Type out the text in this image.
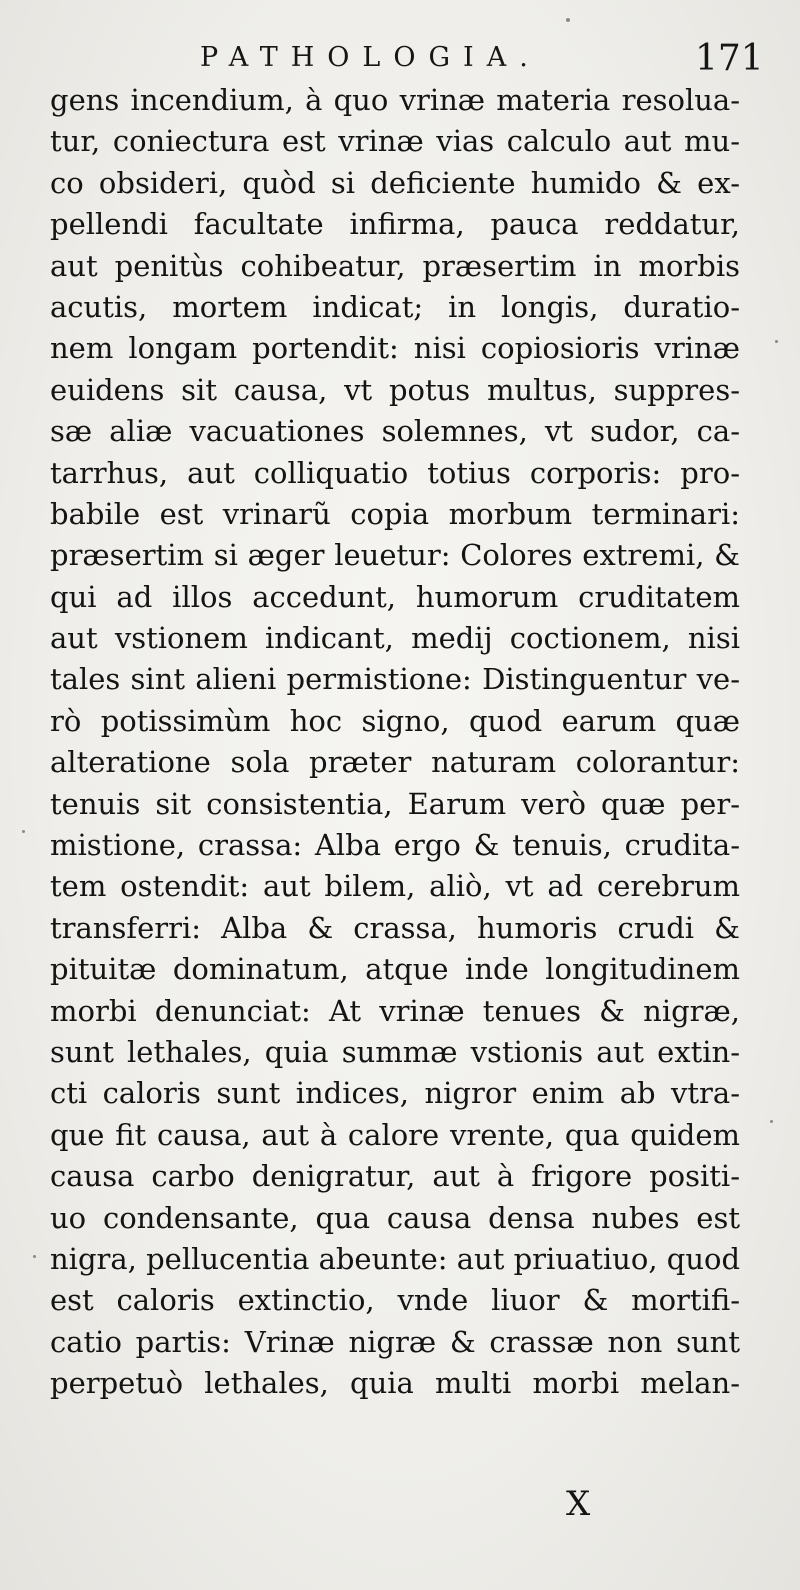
PATHOLOGIA.	171
gens incendium, à quo vrinæ materia resolua-
tur, coniectura est vrinæ vias calculo aut mu-
co obsideri, quòd si deficiente humido & ex-
pellendi facultate infirma, pauca reddatur,
aut penitùs cohibeatur, præsertim in morbis
acutis, mortem indicat; in longis, duratio-
nem longam portendit: nisi copiosioris vrinæ
euidens sit causa, vt potus multus, suppres-
sæ aliæ vacuationes solemnes, vt sudor, ca-
tarrhus, aut colliquatio totius corporis: pro-
babile est vrinarũ copia morbum terminari:
præsertim si æger leuetur: Colores extremi, &
qui ad illos accedunt, humorum cruditatem
aut vstionem indicant, medij coctionem, nisi
tales sint alieni permistione: Distinguentur ve-
rò potissimùm hoc signo, quod earum quæ
alteratione sola præter naturam colorantur:
tenuis sit consistentia, Earum verò quæ per-
mistione, crassa: Alba ergo & tenuis, crudita-
tem ostendit: aut bilem, aliò, vt ad cerebrum
transferri: Alba & crassa, humoris crudi &
pituitæ dominatum, atque inde longitudinem
morbi denunciat: At vrinæ tenues & nigræ,
sunt lethales, quia summæ vstionis aut extin-
cti caloris sunt indices, nigror enim ab vtra-
que fit causa, aut à calore vrente, qua quidem
causa carbo denigratur, aut à frigore positi-
uo condensante, qua causa densa nubes est
nigra, pellucentia abeunte: aut priuatiuo, quod
est caloris extinctio, vnde liuor & mortifi-
catio partis: Vrinæ nigræ & crassæ non sunt
perpetuò lethales, quia multi morbi melan-
X
